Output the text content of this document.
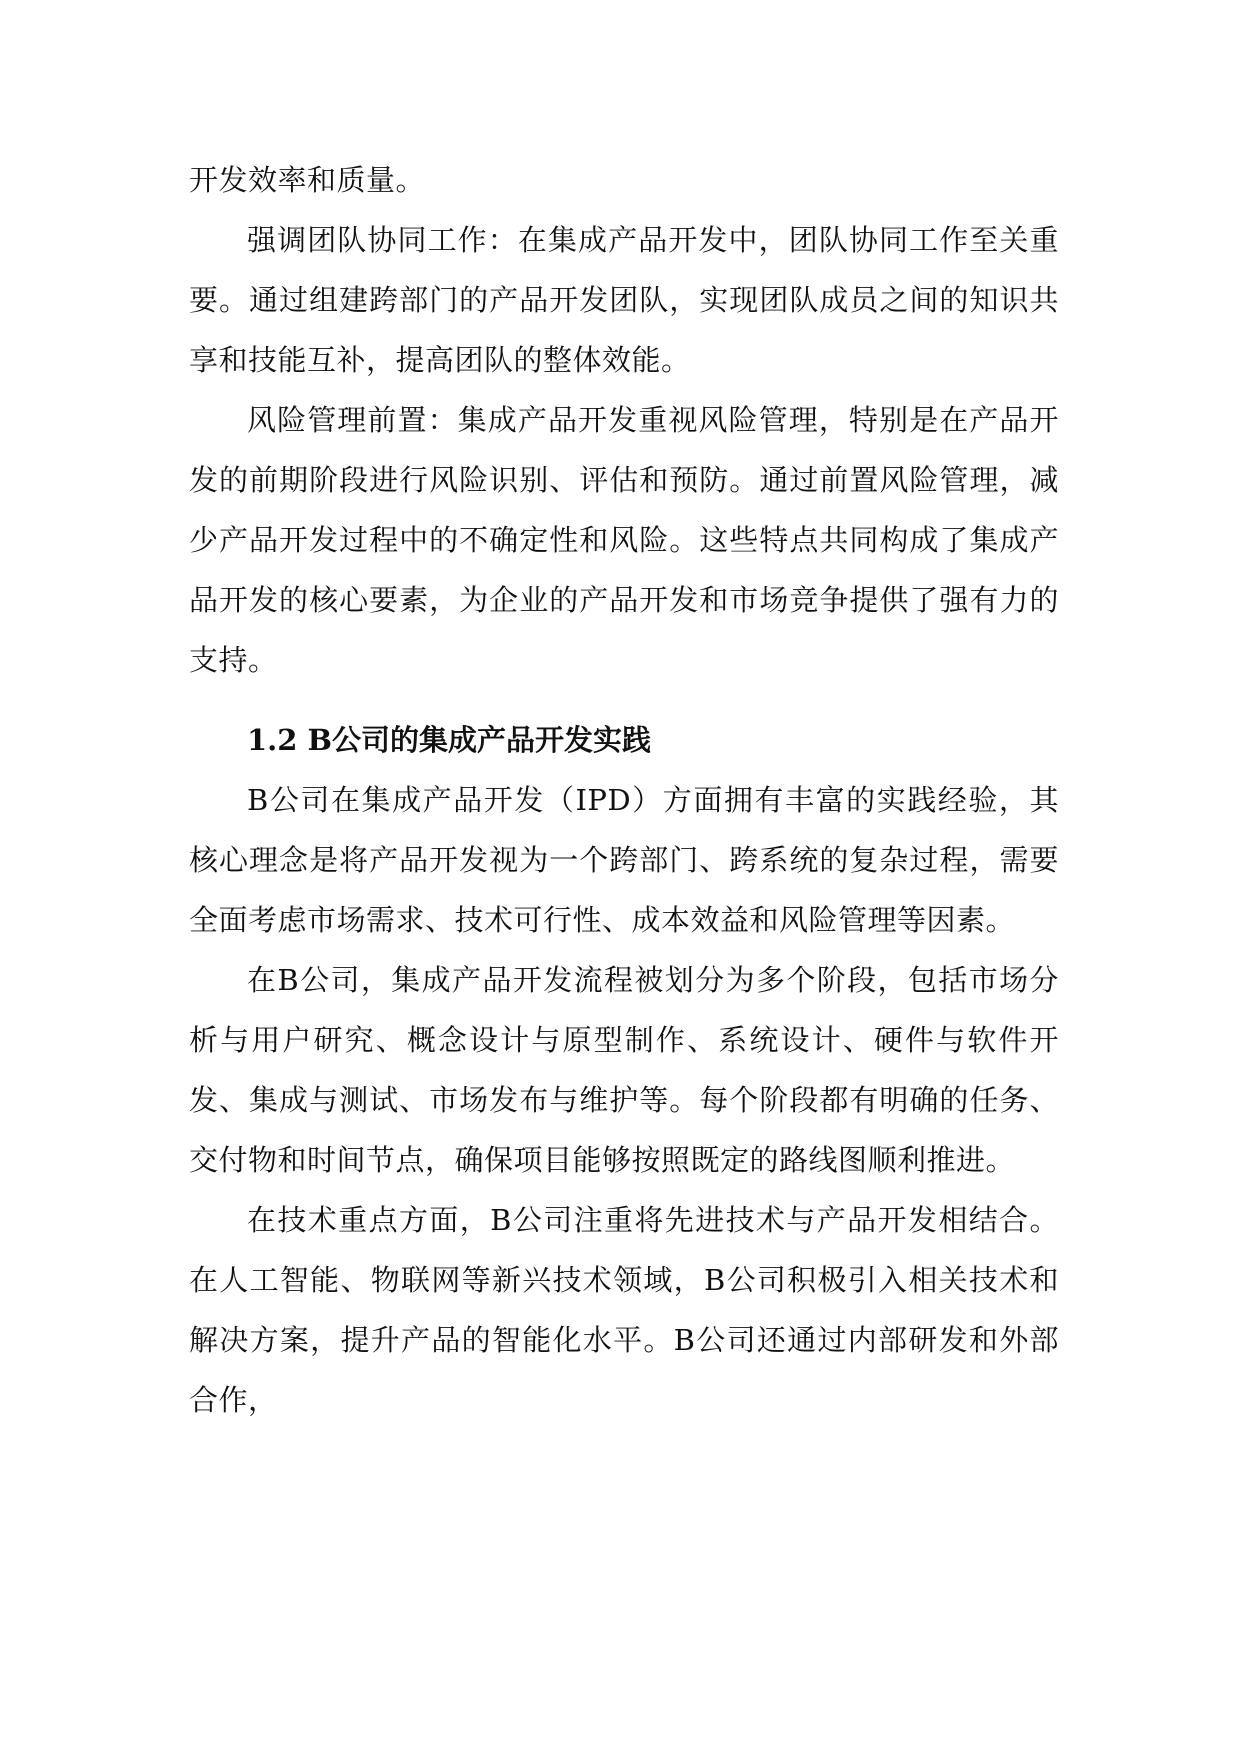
开发效率和质量。

强调团队协同工作：在集成产品开发中，团队协同工作至关重要。通过组建跨部门的产品开发团队，实现团队成员之间的知识共享和技能互补，提高团队的整体效能。

风险管理前置：集成产品开发重视风险管理，特别是在产品开发的前期阶段进行风险识别、评估和预防。通过前置风险管理，减少产品开发过程中的不确定性和风险。这些特点共同构成了集成产品开发的核心要素，为企业的产品开发和市场竞争提供了强有力的支持。

1.2 B公司的集成产品开发实践

B公司在集成产品开发（IPD）方面拥有丰富的实践经验，其核心理念是将产品开发视为一个跨部门、跨系统的复杂过程，需要全面考虑市场需求、技术可行性、成本效益和风险管理等因素。

在B公司，集成产品开发流程被划分为多个阶段，包括市场分析与用户研究、概念设计与原型制作、系统设计、硬件与软件开发、集成与测试、市场发布与维护等。每个阶段都有明确的任务、交付物和时间节点，确保项目能够按照既定的路线图顺利推进。

在技术重点方面，B公司注重将先进技术与产品开发相结合。在人工智能、物联网等新兴技术领域，B公司积极引入相关技术和解决方案，提升产品的智能化水平。B公司还通过内部研发和外部合作，
